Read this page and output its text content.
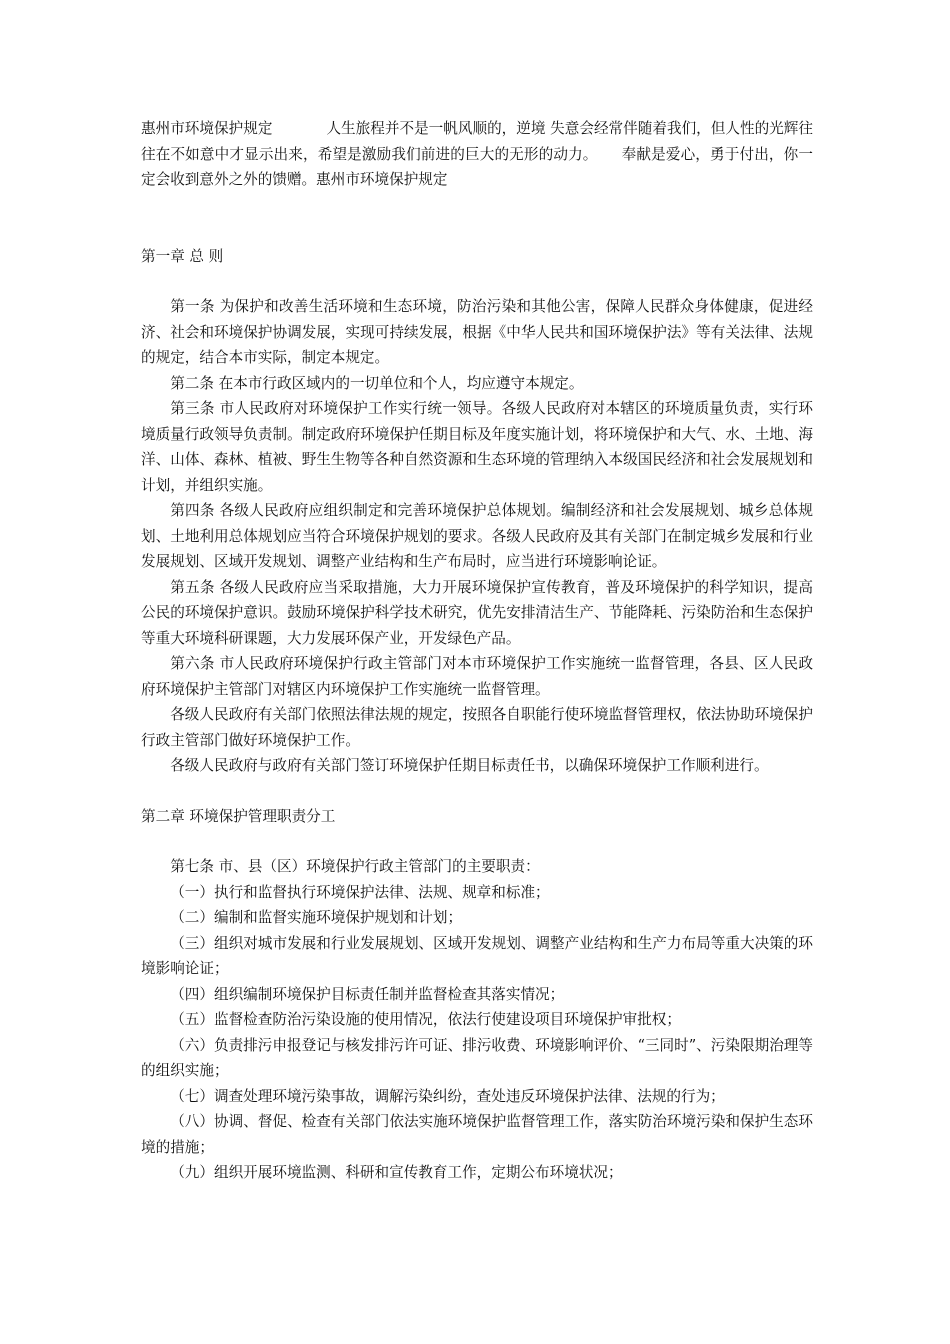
惠州市环境保护规定	人生旅程并不是一帆风顺的，逆境 失意会经常伴随着我们，但人性的光辉往往在不如意中才显示出来，希望是激励我们前进的巨大的无形的动力。 奉献是爱心，勇于付出，你一定会收到意外之外的馈赠。惠州市环境保护规定

第一章 总 则

第一条 为保护和改善生活环境和生态环境，防治污染和其他公害，保障人民群众身体健康，促进经济、社会和环境保护协调发展，实现可持续发展，根据《中华人民共和国环境保护法》等有关法律、法规的规定，结合本市实际，制定本规定。

第二条 在本市行政区域内的一切单位和个人，均应遵守本规定。

第三条 市人民政府对环境保护工作实行统一领导。各级人民政府对本辖区的环境质量负责，实行环境质量行政领导负责制。制定政府环境保护任期目标及年度实施计划，将环境保护和大气、水、土地、海洋、山体、森林、植被、野生生物等各种自然资源和生态环境的管理纳入本级国民经济和社会发展规划和计划，并组织实施。

第四条 各级人民政府应组织制定和完善环境保护总体规划。编制经济和社会发展规划、城乡总体规划、土地利用总体规划应当符合环境保护规划的要求。各级人民政府及其有关部门在制定城乡发展和行业发展规划、区域开发规划、调整产业结构和生产布局时，应当进行环境影响论证。

第五条 各级人民政府应当采取措施，大力开展环境保护宣传教育，普及环境保护的科学知识，提高公民的环境保护意识。鼓励环境保护科学技术研究，优先安排清洁生产、节能降耗、污染防治和生态保护等重大环境科研课题，大力发展环保产业，开发绿色产品。

第六条 市人民政府环境保护行政主管部门对本市环境保护工作实施统一监督管理，各县、区人民政府环境保护主管部门对辖区内环境保护工作实施统一监督管理。

各级人民政府有关部门依照法律法规的规定，按照各自职能行使环境监督管理权，依法协助环境保护行政主管部门做好环境保护工作。

各级人民政府与政府有关部门签订环境保护任期目标责任书，以确保环境保护工作顺利进行。

第二章 环境保护管理职责分工

第七条 市、县（区）环境保护行政主管部门的主要职责：

（一）执行和监督执行环境保护法律、法规、规章和标准；

（二）编制和监督实施环境保护规划和计划；

（三）组织对城市发展和行业发展规划、区域开发规划、调整产业结构和生产力布局等重大决策的环境影响论证；

（四）组织编制环境保护目标责任制并监督检查其落实情况；

（五）监督检查防治污染设施的使用情况，依法行使建设项目环境保护审批权；

（六）负责排污申报登记与核发排污许可证、排污收费、环境影响评价、“三同时”、污染限期治理等的组织实施；

（七）调查处理环境污染事故，调解污染纠纷，查处违反环境保护法律、法规的行为；

（八）协调、督促、检查有关部门依法实施环境保护监督管理工作，落实防治环境污染和保护生态环境的措施；

（九）组织开展环境监测、科研和宣传教育工作，定期公布环境状况；
